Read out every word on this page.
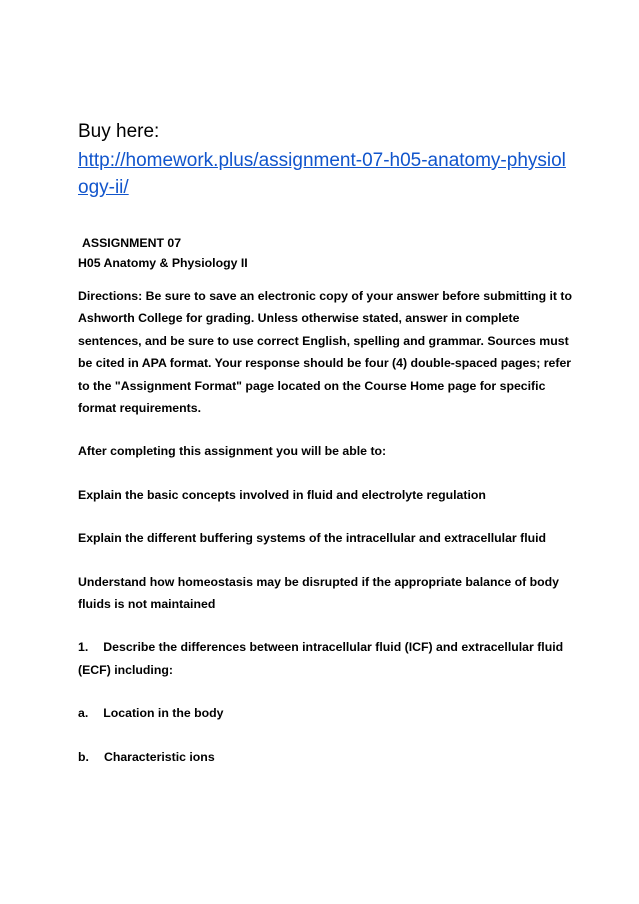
Buy here:
http://homework.plus/assignment-07-h05-anatomy-physiology-ii/
ASSIGNMENT 07
H05 Anatomy & Physiology II

Directions: Be sure to save an electronic copy of your answer before submitting it to

Ashworth College for grading. Unless otherwise stated, answer in complete

sentences, and be sure to use correct English, spelling and grammar. Sources must

be cited in APA format. Your response should be four (4) double-spaced pages; refer

to the "Assignment Format" page located on the Course Home page for specific

format requirements.

After completing this assignment you will be able to:

Explain the basic concepts involved in fluid and electrolyte regulation

Explain the different buffering systems of the intracellular and extracellular fluid

Understand how homeostasis may be disrupted if the appropriate balance of body

fluids is not maintained

1. Describe the differences between intracellular fluid (ICF) and extracellular fluid

(ECF) including:

a. Location in the body

b. Characteristic ions
